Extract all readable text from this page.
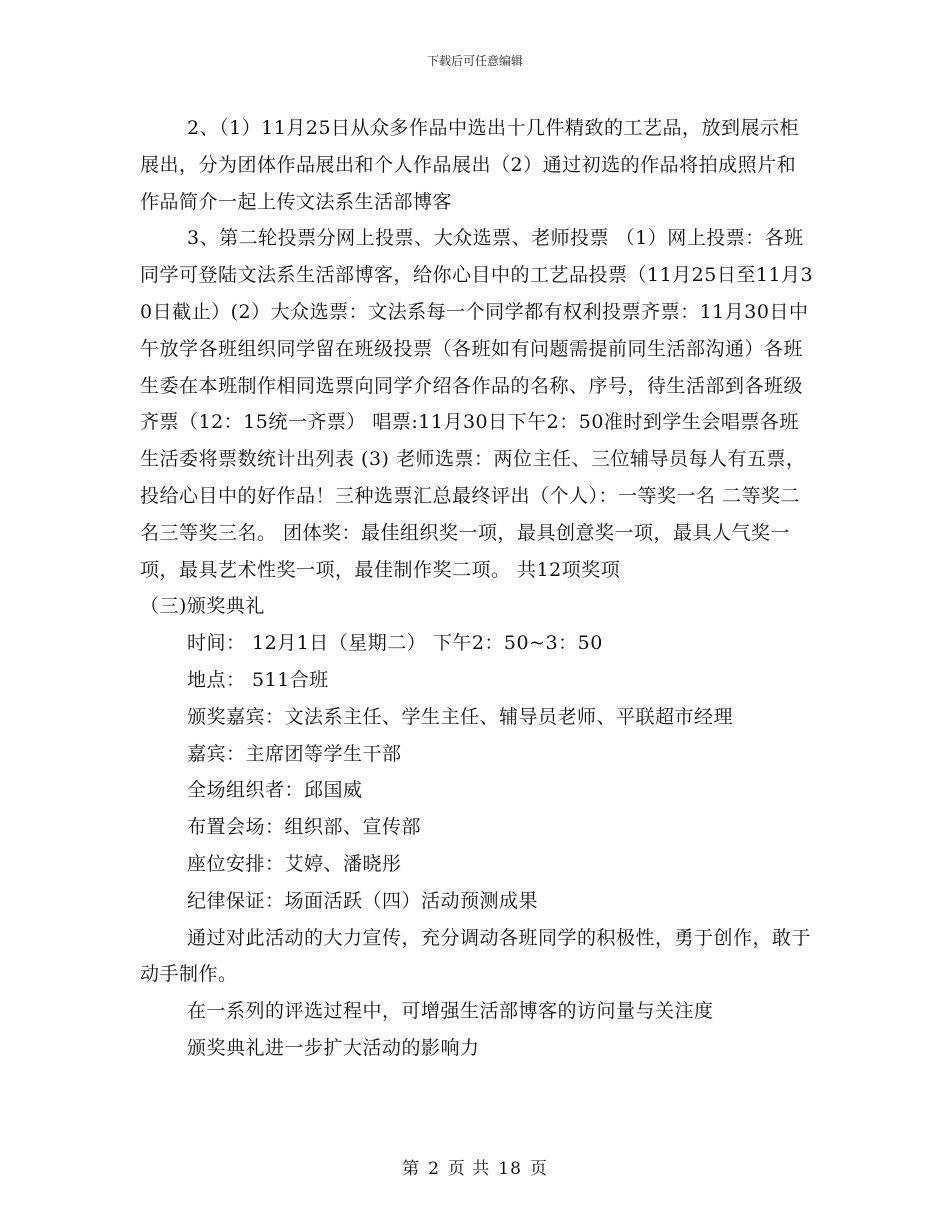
下载后可任意编辑

2、（1）11月25日从众多作品中选出十几件精致的工艺品，放到展示柜展出，分为团体作品展出和个人作品展出（2）通过初选的作品将拍成照片和作品简介一起上传文法系生活部博客

3、第二轮投票分网上投票、大众选票、老师投票 （1）网上投票：各班同学可登陆文法系生活部博客，给你心目中的工艺品投票（11月25日至11月30日截止）(2）大众选票：文法系每一个同学都有权利投票齐票：11月30日中午放学各班组织同学留在班级投票（各班如有问题需提前同生活部沟通）各班生委在本班制作相同选票向同学介绍各作品的名称、序号，待生活部到各班级齐票（12：15统一齐票） 唱票:11月30日下午2：50准时到学生会唱票各班生活委将票数统计出列表 (3) 老师选票：两位主任、三位辅导员每人有五票，投给心目中的好作品！三种选票汇总最终评出（个人）：一等奖一名 二等奖二名三等奖三名。 团体奖：最佳组织奖一项，最具创意奖一项，最具人气奖一项，最具艺术性奖一项，最佳制作奖二项。 共12项奖项

（三)颁奖典礼

时间： 12月1日（星期二） 下午2：50~3：50

地点： 511合班

颁奖嘉宾：文法系主任、学生主任、辅导员老师、平联超市经理

嘉宾：主席团等学生干部

全场组织者：邱国威

布置会场：组织部、宣传部

座位安排：艾婷、潘晓彤

纪律保证：场面活跃（四）活动预测成果

通过对此活动的大力宣传，充分调动各班同学的积极性，勇于创作，敢于动手制作。

在一系列的评选过程中，可增强生活部博客的访问量与关注度

颁奖典礼进一步扩大活动的影响力

第 2 页 共 18 页
